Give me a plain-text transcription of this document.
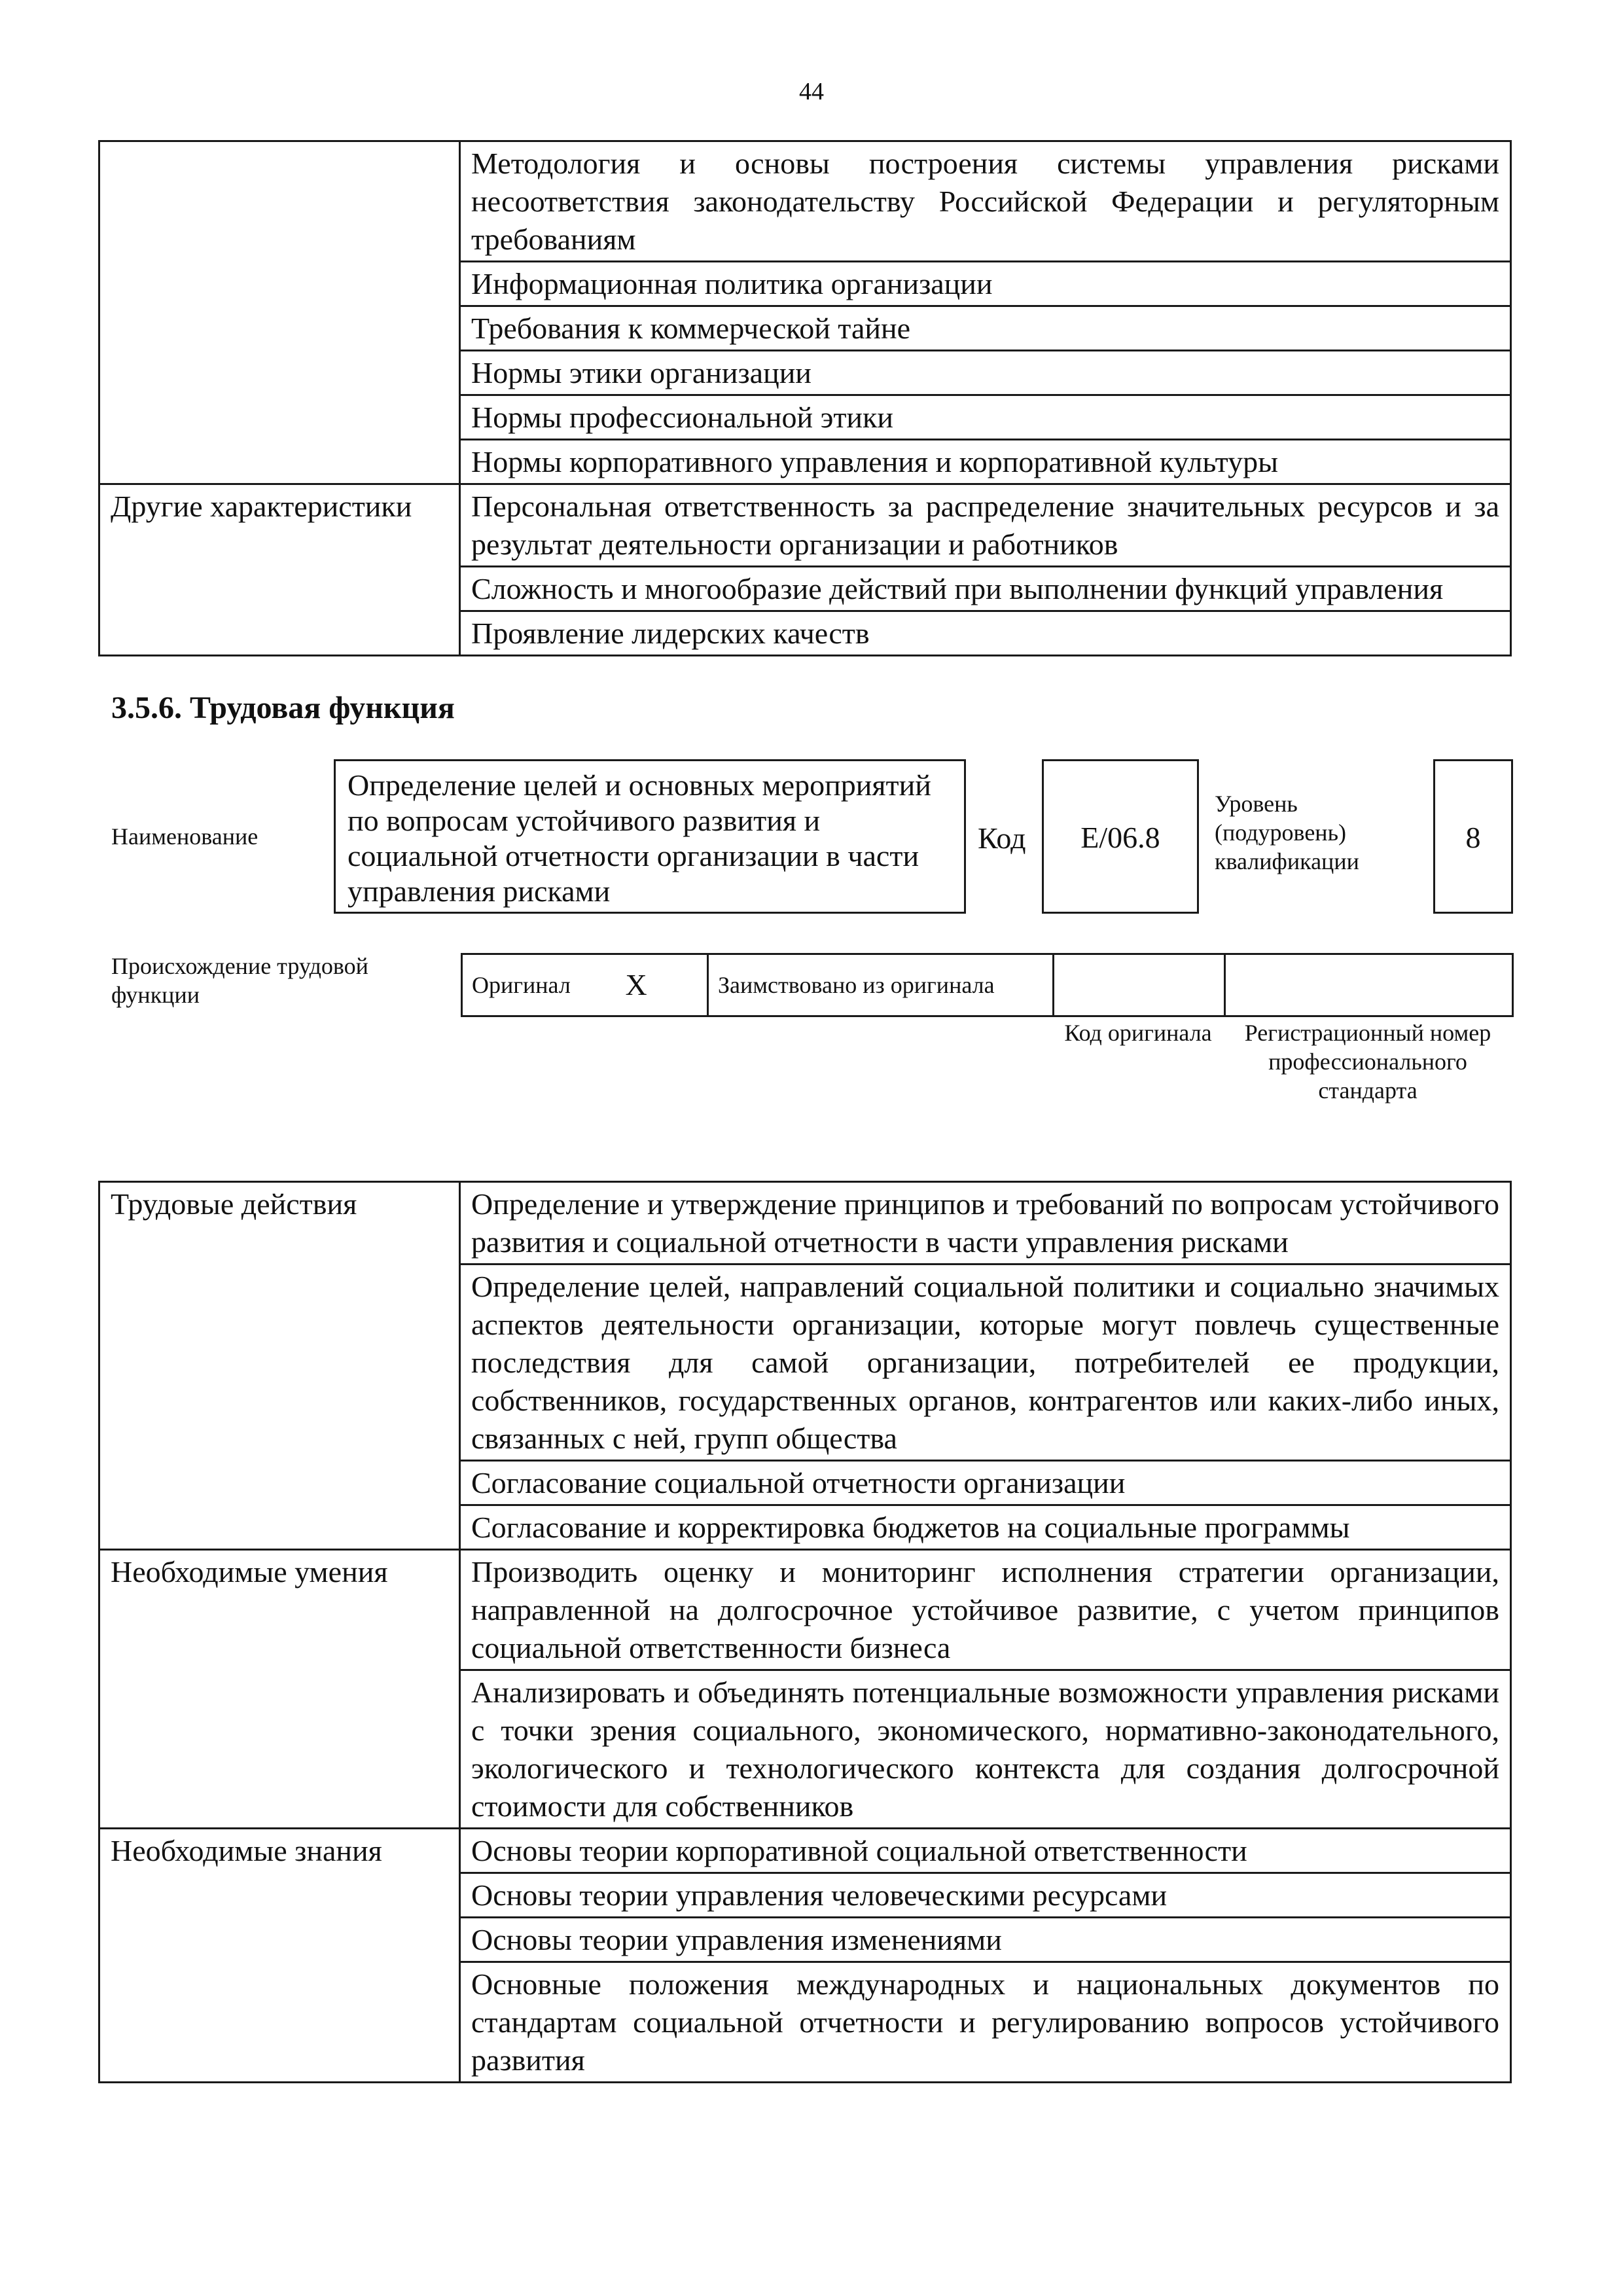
44
	Методология и основы построения системы управления рисками несоответствия законодательству Российской Федерации и регуляторным требованиям
	Информационная политика организации
	Требования к коммерческой тайне
	Нормы этики организации
	Нормы профессиональной этики
	Нормы корпоративного управления и корпоративной культуры
Другие характеристики	Персональная ответственность за распределение значительных ресурсов и за результат деятельности организации и работников
	Сложность и многообразие действий при выполнении функций управления
	Проявление лидерских качеств
3.5.6. Трудовая функция
Наименование
Определение целей и основных мероприятий по вопросам устойчивого развития и социальной отчетности организации в части управления рисками
Код	E/06.8
Уровень (подуровень) квалификации
8
Происхождение трудовой функции	Оригинал	X	Заимствовано из оригинала		
Код оригинала	Регистрационный номер профессионального стандарта
Трудовые действия	Определение и утверждение принципов и требований по вопросам устойчивого развития и социальной отчетности в части управления рисками
	Определение целей, направлений социальной политики и социально значимых аспектов деятельности организации, которые могут повлечь существенные последствия для самой организации, потребителей ее продукции, собственников, государственных органов, контрагентов или каких-либо иных, связанных с ней, групп общества
	Согласование социальной отчетности организации
	Согласование и корректировка бюджетов на социальные программы
Необходимые умения	Производить оценку и мониторинг исполнения стратегии организации, направленной на долгосрочное устойчивое развитие, с учетом принципов социальной ответственности бизнеса
	Анализировать и объединять потенциальные возможности управления рисками с точки зрения социального, экономического, нормативно-законодательного, экологического и технологического контекста для создания долгосрочной стоимости для собственников
Необходимые знания	Основы теории корпоративной социальной ответственности
	Основы теории управления человеческими ресурсами
	Основы теории управления изменениями
	Основные положения международных и национальных документов по стандартам социальной отчетности и регулированию вопросов устойчивого развития
